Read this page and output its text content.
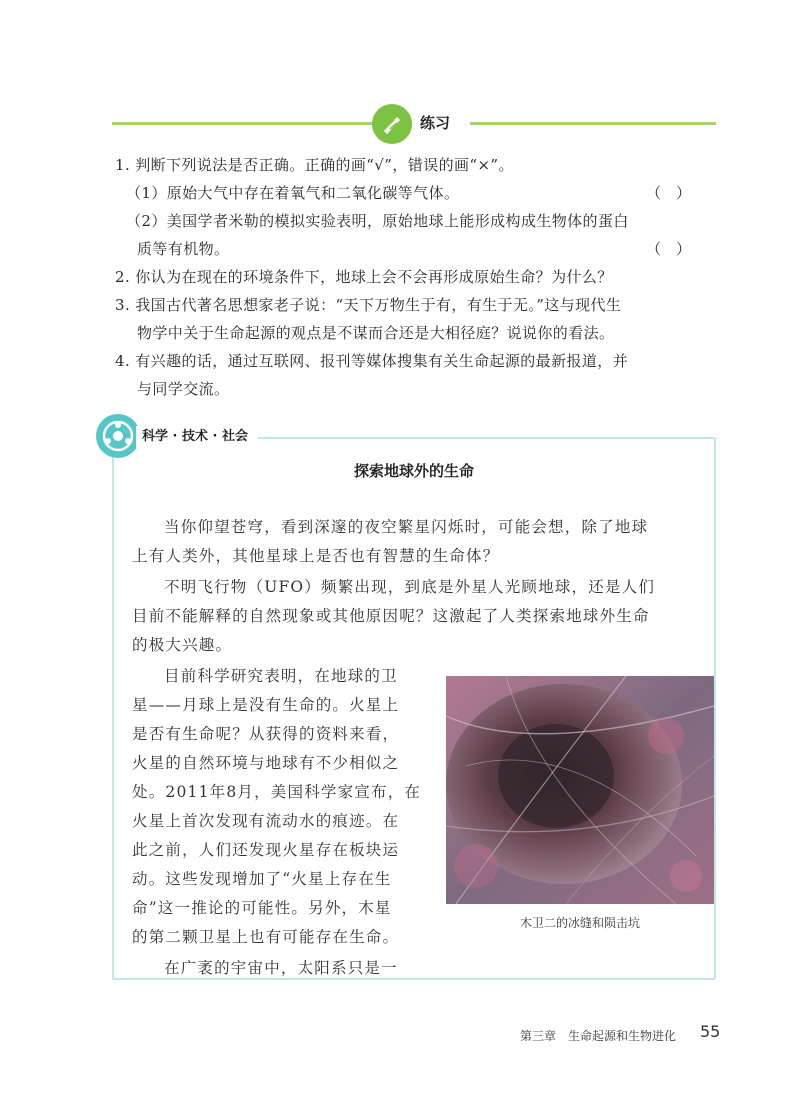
练习
1. 判断下列说法是否正确。正确的画“√”，错误的画“×”。
（1）原始大气中存在着氧气和二氧化碳等气体。	（　）
（2）美国学者米勒的模拟实验表明，原始地球上能形成构成生物体的蛋白
质等有机物。	（　）
2. 你认为在现在的环境条件下，地球上会不会再形成原始生命？为什么？
3. 我国古代著名思想家老子说：“天下万物生于有，有生于无。”这与现代生
物学中关于生命起源的观点是不谋而合还是大相径庭？说说你的看法。
4. 有兴趣的话，通过互联网、报刊等媒体搜集有关生命起源的最新报道，并
与同学交流。
科学 · 技术 · 社会
探索地球外的生命
当你仰望苍穹，看到深邃的夜空繁星闪烁时，可能会想，除了地球
上有人类外，其他星球上是否也有智慧的生命体？
不明飞行物（UFO）频繁出现，到底是外星人光顾地球，还是人们
目前不能解释的自然现象或其他原因呢？这激起了人类探索地球外生命
的极大兴趣。
目前科学研究表明，在地球的卫
星——月球上是没有生命的。火星上
是否有生命呢？从获得的资料来看，
火星的自然环境与地球有不少相似之
处。2011年8月，美国科学家宣布，在
火星上首次发现有流动水的痕迹。在
此之前，人们还发现火星存在板块运
动。这些发现增加了“火星上存在生
命”这一推论的可能性。另外，木星
的第二颗卫星上也有可能存在生命。
在广袤的宇宙中，太阳系只是一
木卫二的冰缝和陨击坑
第三章　生命起源和生物进化 55
